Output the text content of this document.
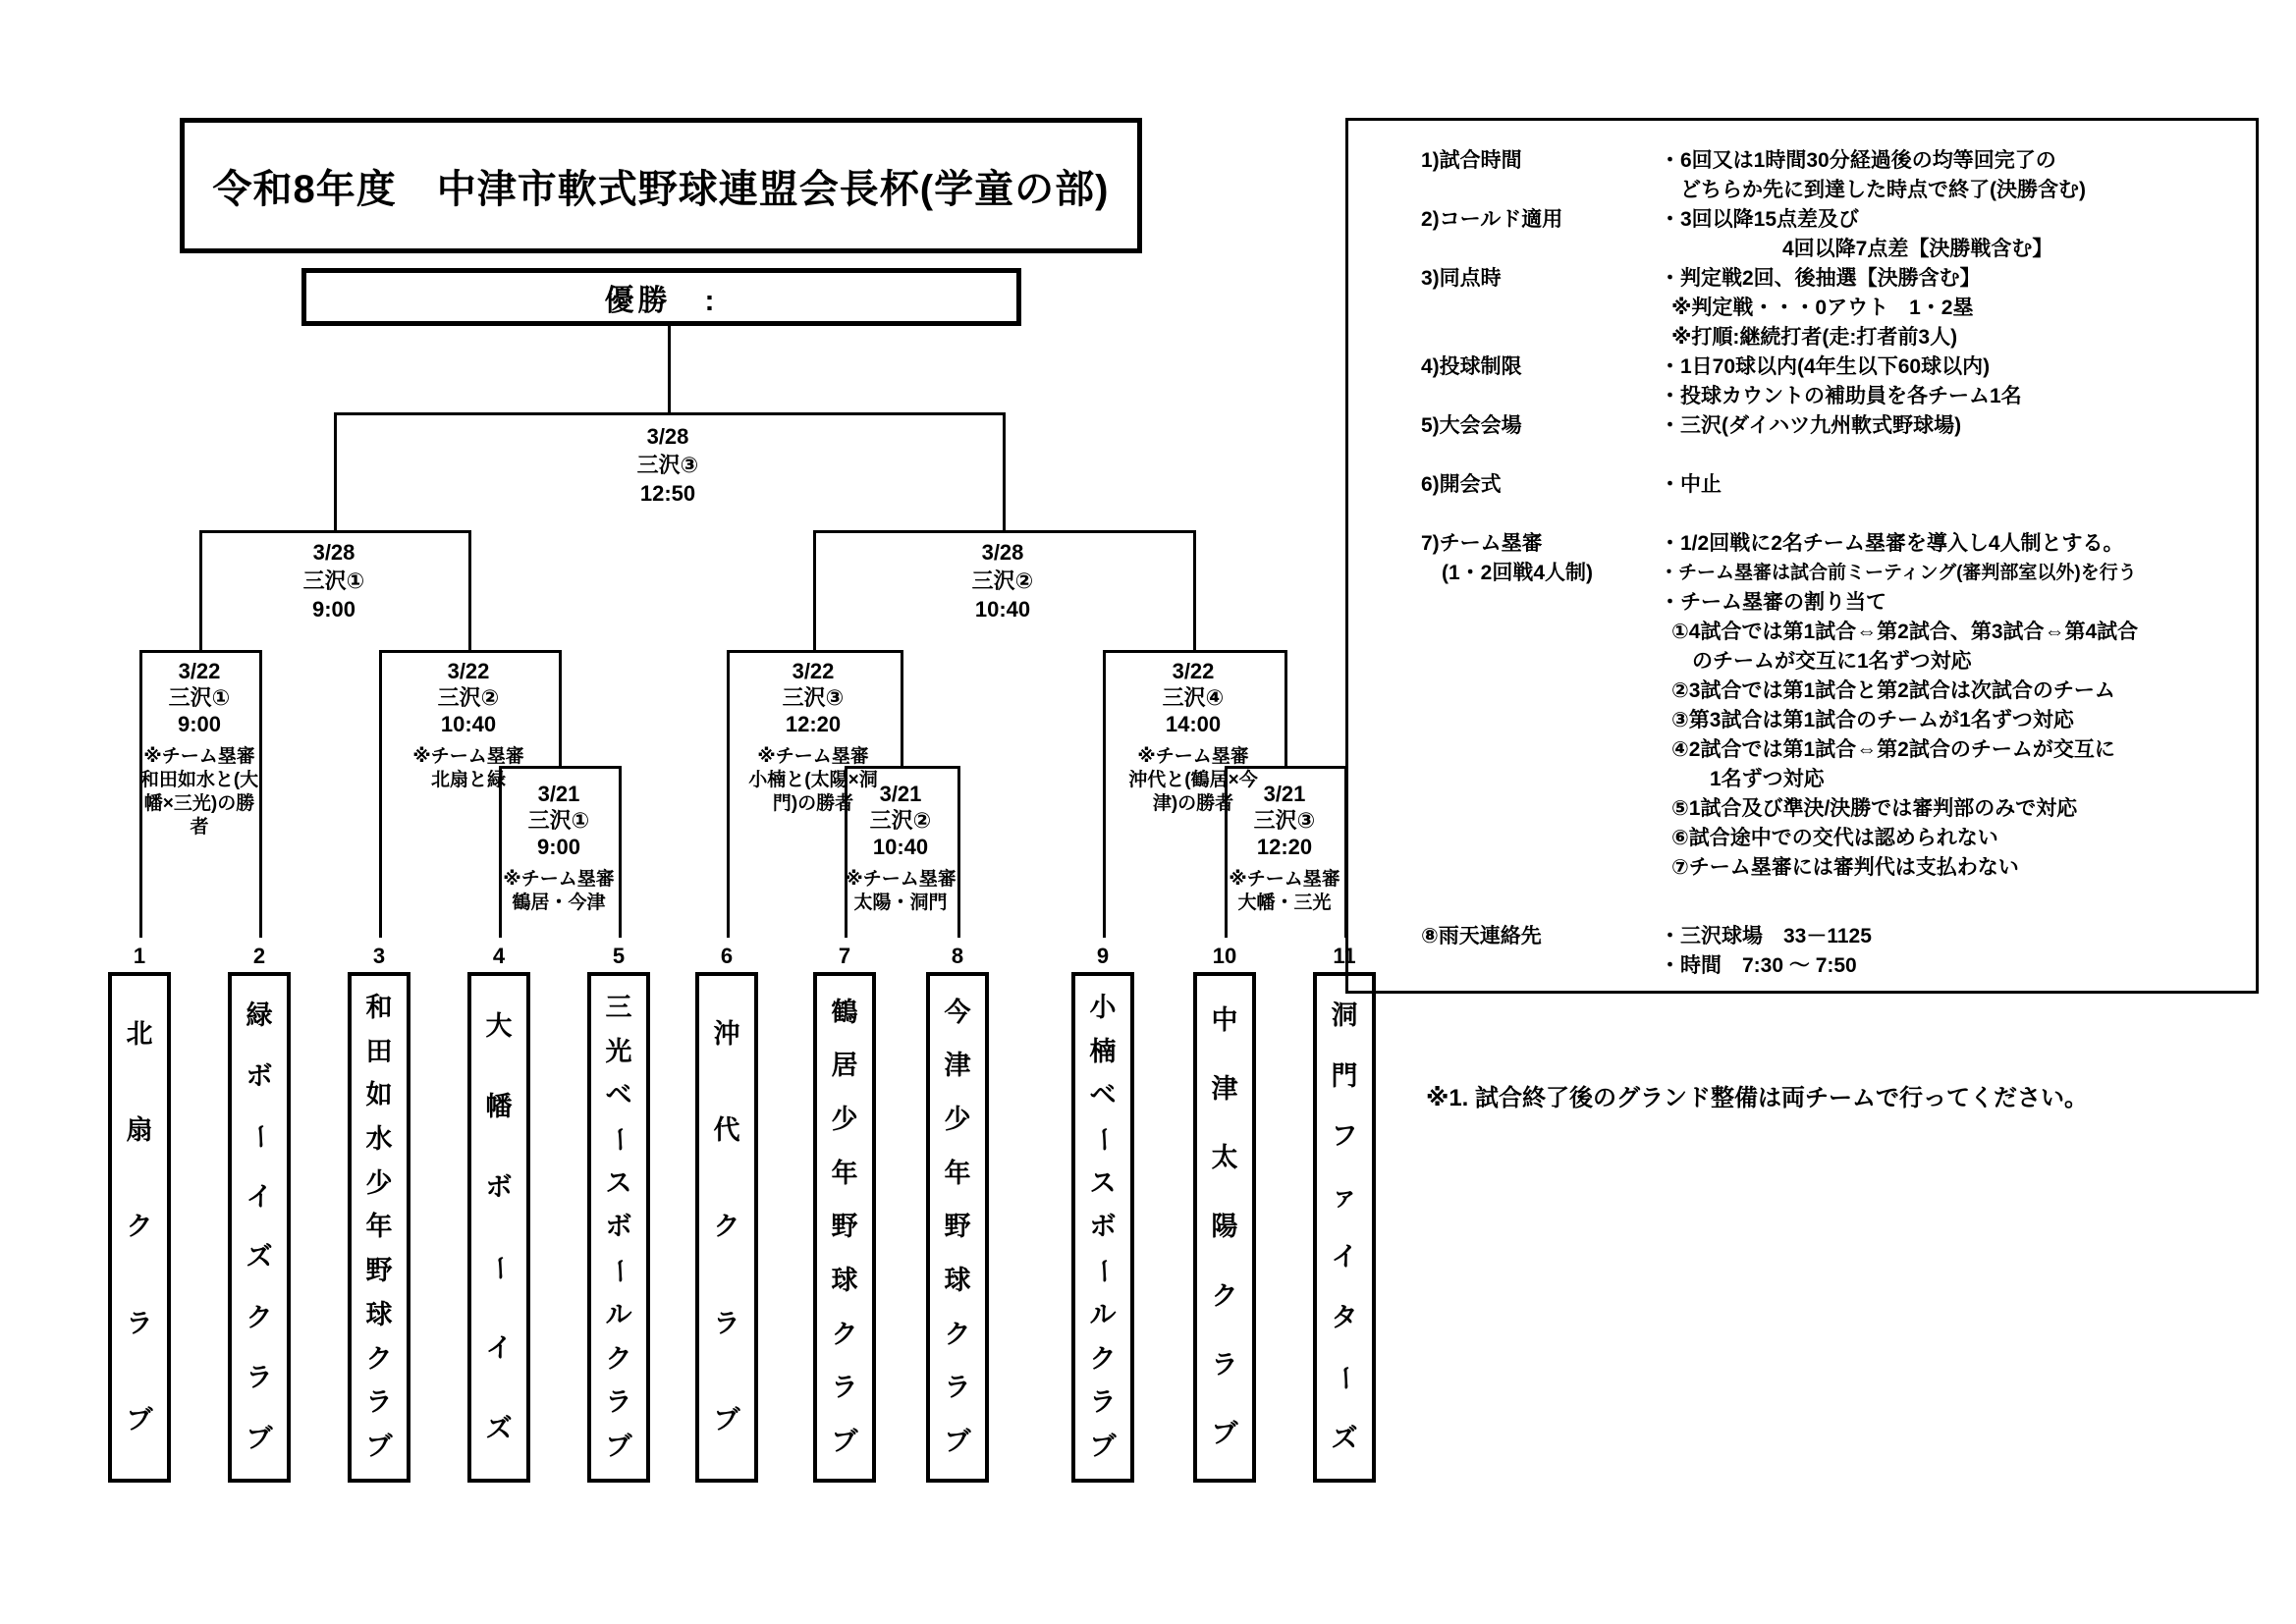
令和8年度　中津市軟式野球連盟会長杯(学童の部)
優勝　:
3/28
三沢③
12:50
3/28
三沢①
9:00
3/28
三沢②
10:40
3/22
三沢①
9:00
※チーム塁審
和田如水と(大幡×三光)の勝者
3/22
三沢②
10:40
※チーム塁審
北扇と緑
3/22
三沢③
12:20
※チーム塁審
小楠と(太陽×洞門)の勝者
3/22
三沢④
14:00
※チーム塁審
沖代と(鶴居×今津)の勝者
3/21
三沢①
9:00
※チーム塁審
鶴居・今津
3/21
三沢②
10:40
※チーム塁審
太陽・洞門
3/21
三沢③
12:20
※チーム塁審
大幡・三光
1
北
扇
ク
ラ
ブ
2
緑
ボ
ー
イ
ズ
ク
ラ
ブ
3
和
田
如
水
少
年
野
球
ク
ラ
ブ
4
大
幡
ボ
ー
イ
ズ
5
三
光
ベ
ー
ス
ボ
ー
ル
ク
ラ
ブ
6
沖
代
ク
ラ
ブ
7
鶴
居
少
年
野
球
ク
ラ
ブ
8
今
津
少
年
野
球
ク
ラ
ブ
9
小
楠
ベ
ー
ス
ボ
ー
ル
ク
ラ
ブ
10
中
津
太
陽
ク
ラ
ブ
11
洞
門
フ
ァ
イ
タ
ー
ズ
1)試合時間	・6回又は1時間30分経過後の均等回完了の
　どちらか先に到達した時点で終了(決勝含む)
2)コールド適用	・3回以降15点差及び
4回以降7点差【決勝戦含む】
3)同点時	・判定戦2回、後抽選【決勝含む】
※判定戦・・・0アウト　1・2塁
※打順:継続打者(走:打者前3人)
4)投球制限	・1日70球以内(4年生以下60球以内)
・投球カウントの補助員を各チーム1名
5)大会会場	・三沢(ダイハツ九州軟式野球場)
6)開会式	・中止
7)チーム塁審	・1/2回戦に2名チーム塁審を導入し4人制とする。
　(1・2回戦4人制)	・チーム塁審は試合前ミーティング(審判部室以外)を行う
・チーム塁審の割り当て
①4試合では第1試合⇔第2試合、第3試合⇔第4試合
　のチームが交互に1名ずつ対応
②3試合では第1試合と第2試合は次試合のチーム
③第3試合は第1試合のチームが1名ずつ対応
④2試合では第1試合⇔第2試合のチームが交互に
　1名ずつ対応
⑤1試合及び準決/決勝では審判部のみで対応
⑥試合途中での交代は認められない
⑦チーム塁審には審判代は支払わない
⑧雨天連絡先	・三沢球場　33－1125
・時間　7:30 ～ 7:50
※1. 試合終了後のグランド整備は両チームで行ってください。
